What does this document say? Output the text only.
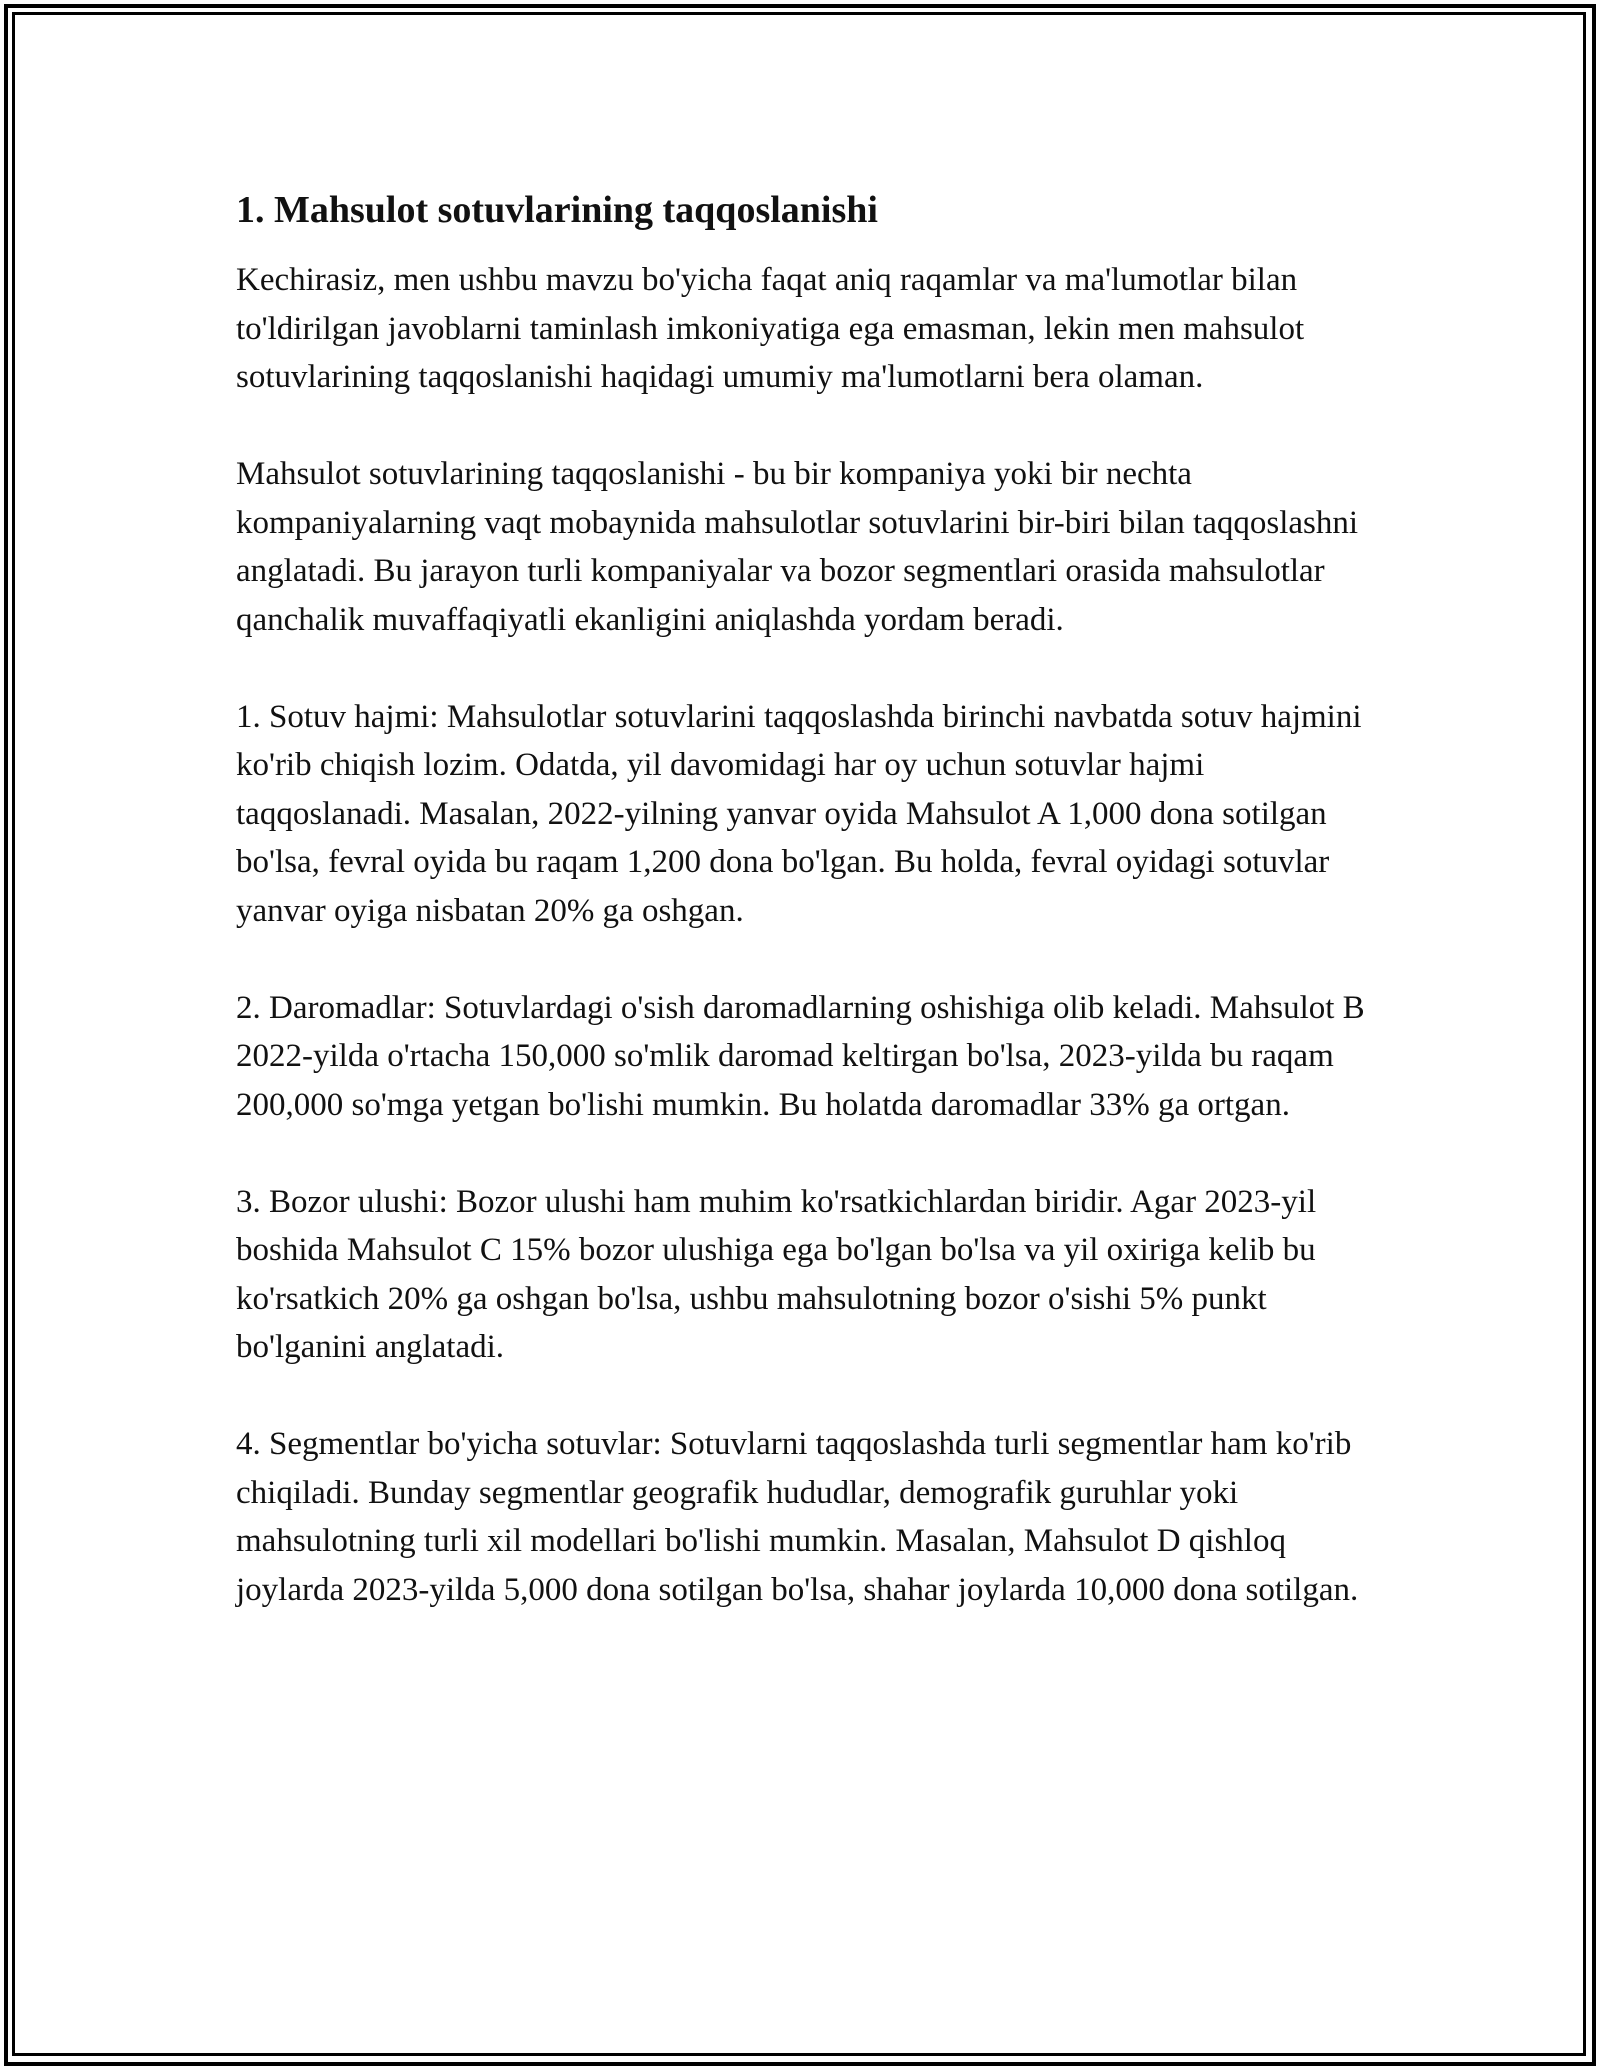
1. Mahsulot sotuvlarining taqqoslanishi

Kechirasiz, men ushbu mavzu bo'yicha faqat aniq raqamlar va ma'lumotlar bilan to'ldirilgan javoblarni taminlash imkoniyatiga ega emasman, lekin men mahsulot sotuvlarining taqqoslanishi haqidagi umumiy ma'lumotlarni bera olaman.

Mahsulot sotuvlarining taqqoslanishi - bu bir kompaniya yoki bir nechta kompaniyalarning vaqt mobaynida mahsulotlar sotuvlarini bir-biri bilan taqqoslashni anglatadi. Bu jarayon turli kompaniyalar va bozor segmentlari orasida mahsulotlar qanchalik muvaffaqiyatli ekanligini aniqlashda yordam beradi.

1. Sotuv hajmi: Mahsulotlar sotuvlarini taqqoslashda birinchi navbatda sotuv hajmini ko'rib chiqish lozim. Odatda, yil davomidagi har oy uchun sotuvlar hajmi taqqoslanadi. Masalan, 2022-yilning yanvar oyida Mahsulot A 1,000 dona sotilgan bo'lsa, fevral oyida bu raqam 1,200 dona bo'lgan. Bu holda, fevral oyidagi sotuvlar yanvar oyiga nisbatan 20% ga oshgan.

2. Daromadlar: Sotuvlardagi o'sish daromadlarning oshishiga olib keladi. Mahsulot B 2022-yilda o'rtacha 150,000 so'mlik daromad keltirgan bo'lsa, 2023-yilda bu raqam 200,000 so'mga yetgan bo'lishi mumkin. Bu holatda daromadlar 33% ga ortgan.

3. Bozor ulushi: Bozor ulushi ham muhim ko'rsatkichlardan biridir. Agar 2023-yil boshida Mahsulot C 15% bozor ulushiga ega bo'lgan bo'lsa va yil oxiriga kelib bu ko'rsatkich 20% ga oshgan bo'lsa, ushbu mahsulotning bozor o'sishi 5% punkt bo'lganini anglatadi.

4. Segmentlar bo'yicha sotuvlar: Sotuvlarni taqqoslashda turli segmentlar ham ko'rib chiqiladi. Bunday segmentlar geografik hududlar, demografik guruhlar yoki mahsulotning turli xil modellari bo'lishi mumkin. Masalan, Mahsulot D qishloq joylarda 2023-yilda 5,000 dona sotilgan bo'lsa, shahar joylarda 10,000 dona sotilgan.
